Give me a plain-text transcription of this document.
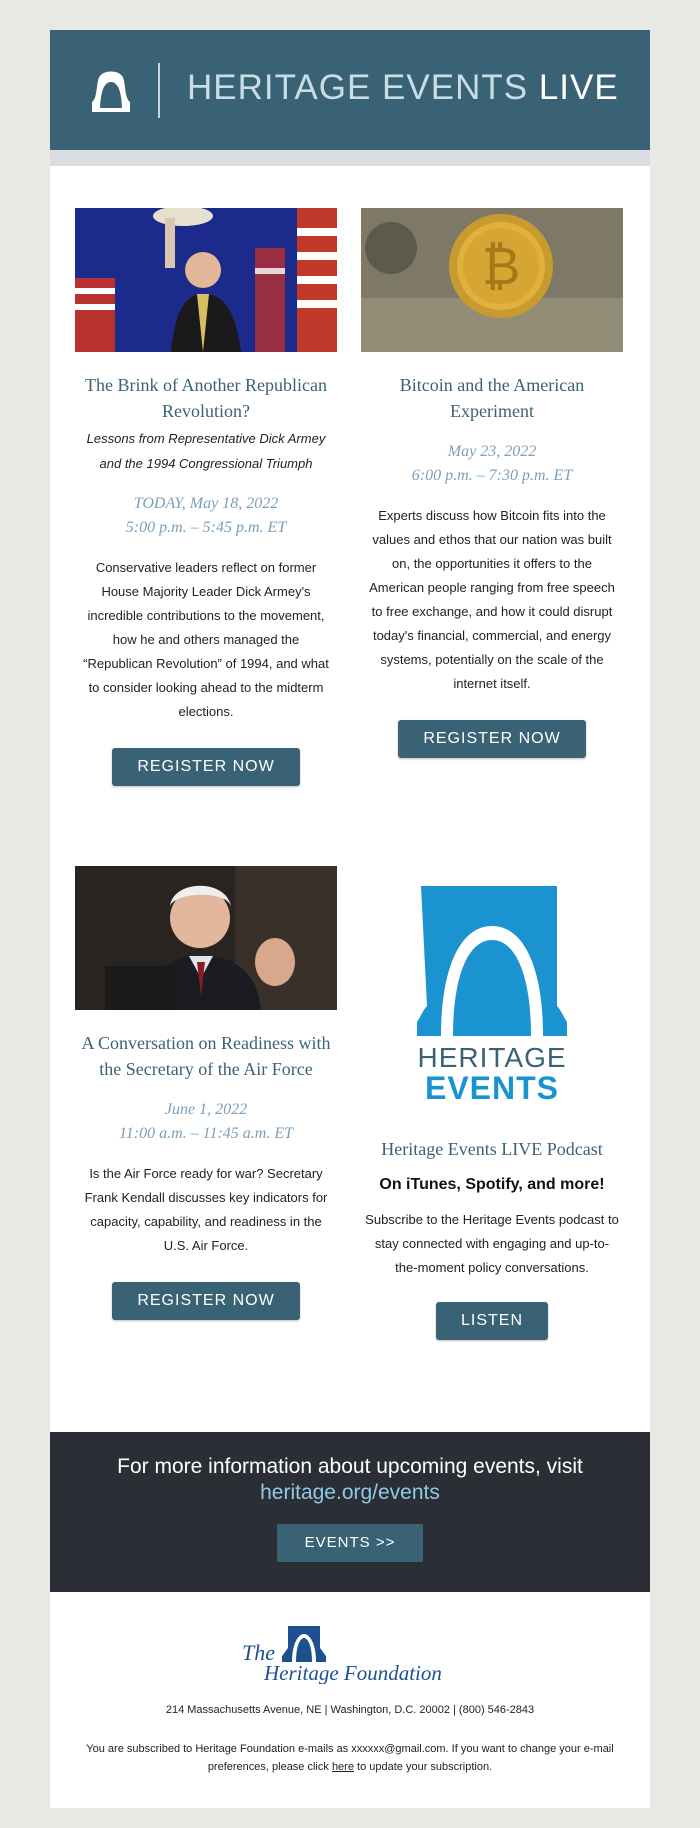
HERITAGE EVENTS LIVE
The Brink of Another Republican Revolution?
Lessons from Representative Dick Armey and the 1994 Congressional Triumph
TODAY, May 18, 2022
5:00 p.m. – 5:45 p.m. ET
Conservative leaders reflect on former House Majority Leader Dick Armey's incredible contributions to the movement, how he and others managed the “Republican Revolution” of 1994, and what to consider looking ahead to the midterm elections.
REGISTER NOW
₿
Bitcoin and the American Experiment
May 23, 2022
6:00 p.m. – 7:30 p.m. ET
Experts discuss how Bitcoin fits into the values and ethos that our nation was built on, the opportunities it offers to the American people ranging from free speech to free exchange, and how it could disrupt today's financial, commercial, and energy systems, potentially on the scale of the internet itself.
REGISTER NOW
A Conversation on Readiness with the Secretary of the Air Force
June 1, 2022
11:00 a.m. – 11:45 a.m. ET
Is the Air Force ready for war? Secretary Frank Kendall discusses key indicators for capacity, capability, and readiness in the U.S. Air Force.
REGISTER NOW
HERITAGE
EVENTS
Heritage Events LIVE Podcast
On iTunes, Spotify, and more!
Subscribe to the Heritage Events podcast to stay connected with engaging and up-to-the-moment policy conversations.
LISTEN
For more information about upcoming events, visit
heritage.org/events
EVENTS >>
The
Heritage Foundation
214 Massachusetts Avenue, NE | Washington, D.C. 20002 | (800) 546-2843
You are subscribed to Heritage Foundation e-mails as xxxxxx@gmail.com. If you want to change your e-mail preferences, please click here to update your subscription.
